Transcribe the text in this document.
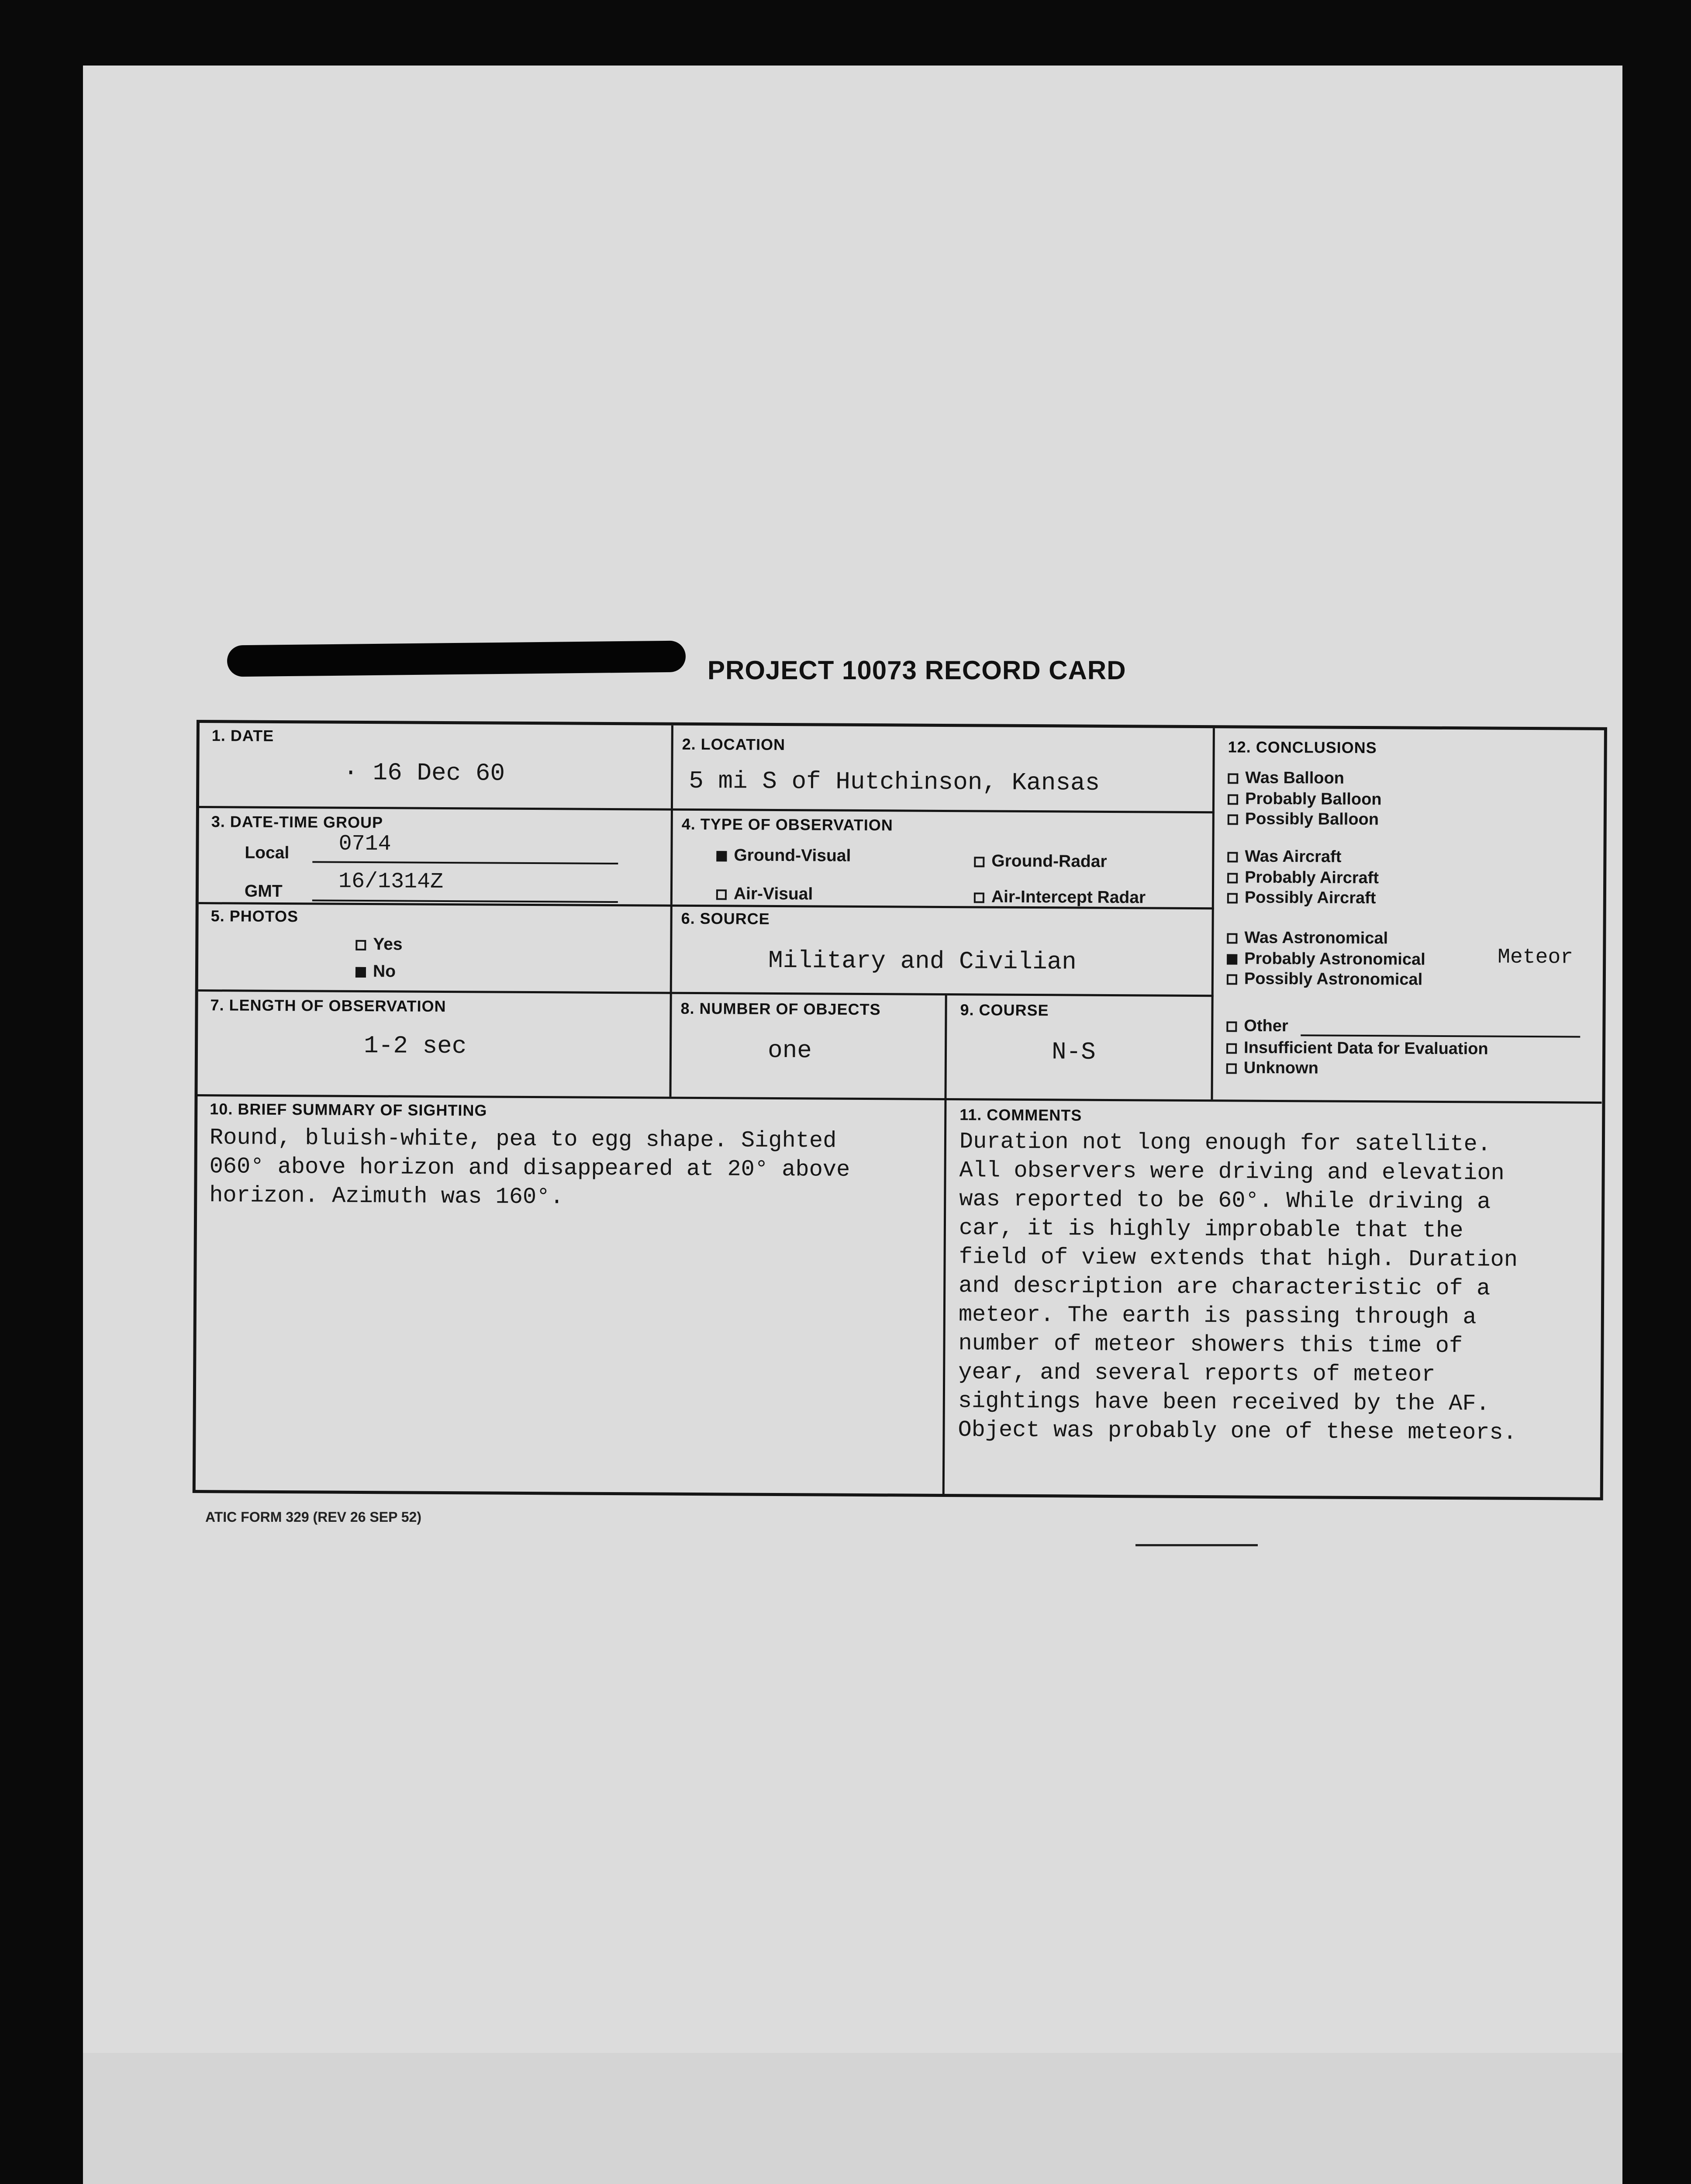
PROJECT 10073 RECORD CARD
1. DATE
· 16 Dec 60
2. LOCATION
5 mi S of Hutchinson, Kansas
3. DATE-TIME GROUP
Local 0714
GMT	16/1314Z
4. TYPE OF OBSERVATION
Ground-Visual	Ground-Radar
Air-Visual	Air-Intercept Radar
5. PHOTOS
Yes
No
6. SOURCE
Military and Civilian
7. LENGTH OF OBSERVATION
1-2 sec
8. NUMBER OF OBJECTS
one
9. COURSE
N-S
12. CONCLUSIONS
Was Balloon
Probably Balloon
Possibly Balloon
Was Aircraft
Probably Aircraft
Possibly Aircraft
Was Astronomical
Probably Astronomical	Meteor
Possibly Astronomical
Other
Insufficient Data for Evaluation
Unknown
10. BRIEF SUMMARY OF SIGHTING
Round, bluish-white, pea to egg shape. Sighted
060° above horizon and disappeared at 20° above
horizon. Azimuth was 160°.
11. COMMENTS
Duration not long enough for satellite.
All observers were driving and elevation
was reported to be 60°. While driving a
car, it is highly improbable that the
field of view extends that high. Duration
and description are characteristic of a
meteor. The earth is passing through a
number of meteor showers this time of
year, and several reports of meteor
sightings have been received by the AF.
Object was probably one of these meteors.
ATIC FORM 329 (REV 26 SEP 52)
